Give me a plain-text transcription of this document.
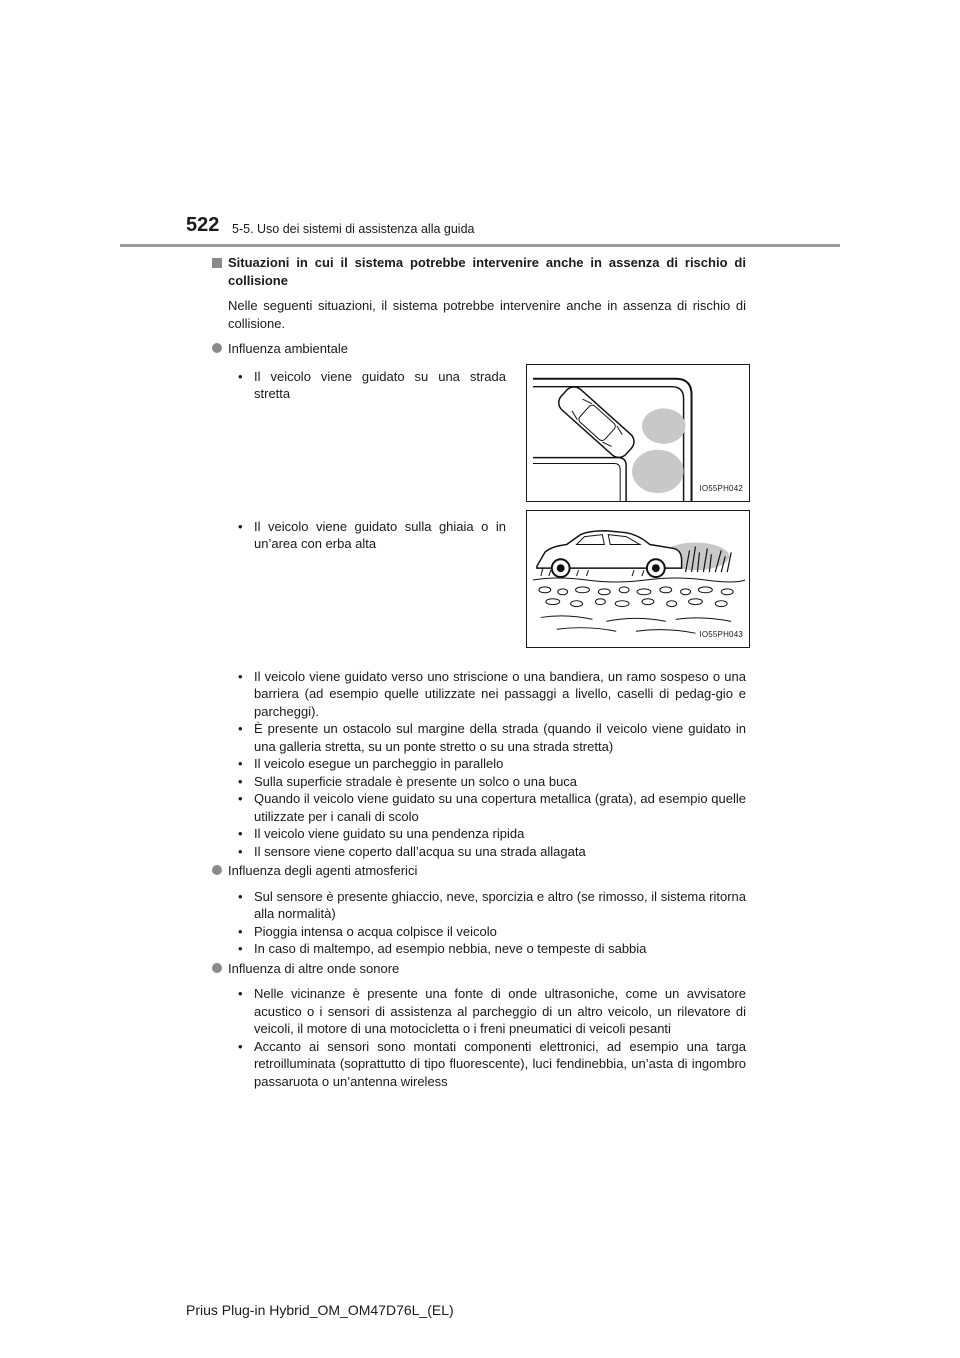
522 5-5. Uso dei sistemi di assistenza alla guida
Situazioni in cui il sistema potrebbe intervenire anche in assenza di rischio di collisione
Nelle seguenti situazioni, il sistema potrebbe intervenire anche in assenza di rischio di collisione.
Influenza ambientale
• Il veicolo viene guidato su una strada stretta
IO55PH042
• Il veicolo viene guidato sulla ghiaia o in un’area con erba alta
IO55PH043
• Il veicolo viene guidato verso uno striscione o una bandiera, un ramo sospeso o una barriera (ad esempio quelle utilizzate nei passaggi a livello, caselli di pedag-gio e parcheggi).
• È presente un ostacolo sul margine della strada (quando il veicolo viene guidato in una galleria stretta, su un ponte stretto o su una strada stretta)
• Il veicolo esegue un parcheggio in parallelo
• Sulla superficie stradale è presente un solco o una buca
• Quando il veicolo viene guidato su una copertura metallica (grata), ad esempio quelle utilizzate per i canali di scolo
• Il veicolo viene guidato su una pendenza ripida
• Il sensore viene coperto dall’acqua su una strada allagata
Influenza degli agenti atmosferici
• Sul sensore è presente ghiaccio, neve, sporcizia e altro (se rimosso, il sistema ritorna alla normalità)
• Pioggia intensa o acqua colpisce il veicolo
• In caso di maltempo, ad esempio nebbia, neve o tempeste di sabbia
Influenza di altre onde sonore
• Nelle vicinanze è presente una fonte di onde ultrasoniche, come un avvisatore acustico o i sensori di assistenza al parcheggio di un altro veicolo, un rilevatore di veicoli, il motore di una motocicletta o i freni pneumatici di veicoli pesanti
• Accanto ai sensori sono montati componenti elettronici, ad esempio una targa retroilluminata (soprattutto di tipo fluorescente), luci fendinebbia, un’asta di ingombro passaruota o un’antenna wireless
Prius Plug-in Hybrid_OM_OM47D76L_(EL)
